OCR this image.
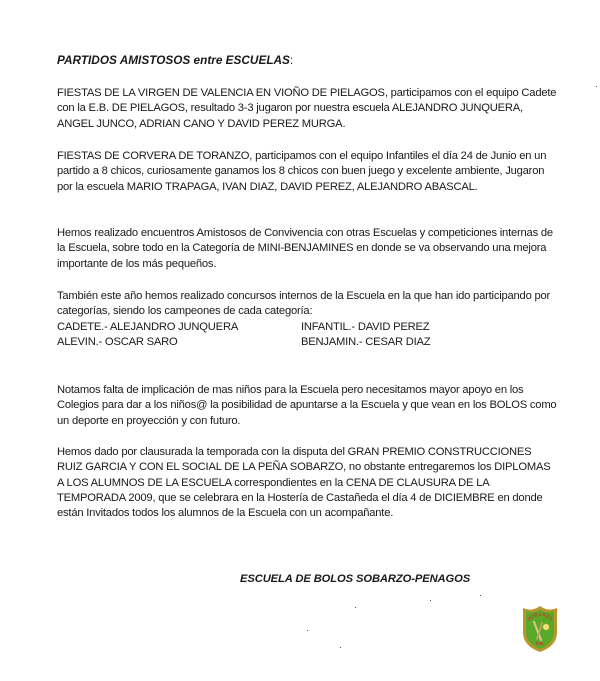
PARTIDOS AMISTOSOS entre ESCUELAS:
FIESTAS DE LA VIRGEN DE VALENCIA EN VIOÑO DE PIELAGOS, participamos con el equipo Cadete con la E.B. DE PIELAGOS, resultado 3-3 jugaron por nuestra escuela ALEJANDRO JUNQUERA, ANGEL JUNCO, ADRIAN CANO Y DAVID PEREZ MURGA.
FIESTAS DE CORVERA DE TORANZO, participamos con el equipo Infantiles el día 24 de Junio en un partido a 8 chicos, curiosamente ganamos los 8 chicos con buen juego y excelente ambiente, Jugaron por la escuela MARIO TRAPAGA, IVAN DIAZ, DAVID PEREZ, ALEJANDRO ABASCAL.
Hemos realizado encuentros Amistosos de Convivencia con otras Escuelas y competiciones internas de la Escuela, sobre todo en la Categoría de MINI-BENJAMINES en donde se va observando una mejora importante de los más pequeños.
También este año hemos realizado concursos internos de la Escuela en la que han ido participando por categorías, siendo los campeones de cada categoría:
CADETE.- ALEJANDRO JUNQUERA	INFANTIL.- DAVID PEREZ
ALEVIN.- OSCAR SARO	BENJAMIN.- CESAR DIAZ
Notamos falta de implicación de mas niños para la Escuela pero necesitamos mayor apoyo en los Colegios para dar a los niños@ la posibilidad de apuntarse a la Escuela y que vean en los BOLOS como un deporte en proyección y con futuro.
Hemos dado por clausurada la temporada con la disputa del GRAN PREMIO CONSTRUCCIONES RUIZ GARCIA Y CON EL SOCIAL DE LA PEÑA SOBARZO, no obstante entregaremos los DIPLOMAS A LOS ALUMNOS DE LA ESCUELA correspondientes en la CENA DE CLAUSURA DE LA TEMPORADA 2009, que se celebrara en la Hostería de Castañeda el día 4 de DICIEMBRE en donde están Invitados todos los alumnos de la Escuela con un acompañante.
ESCUELA DE BOLOS SOBARZO-PENAGOS
SOBARZO
P.B.
